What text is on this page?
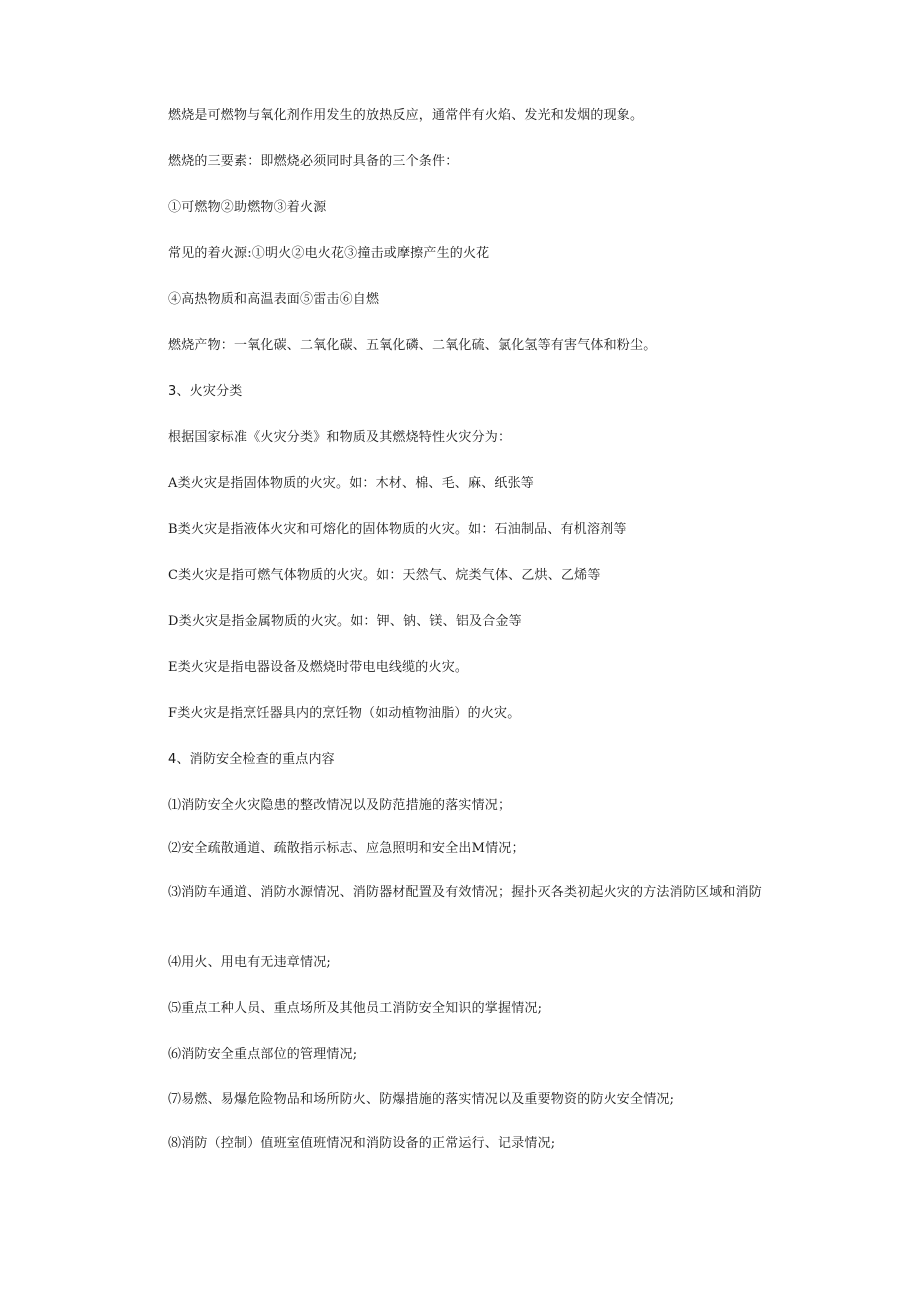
燃烧是可燃物与氧化剂作用发生的放热反应，通常伴有火焰、发光和发烟的现象。
燃烧的三要素：即燃烧必须同时具备的三个条件：
①可燃物②助燃物③着火源
常见的着火源:①明火②电火花③撞击或摩擦产生的火花
④高热物质和高温表面⑤雷击⑥自燃
燃烧产物：一氧化碳、二氧化碳、五氧化磷、二氧化硫、氯化氢等有害气体和粉尘。
3、火灾分类
根据国家标准《火灾分类》和物质及其燃烧特性火灾分为：
A类火灾是指固体物质的火灾。如：木材、棉、毛、麻、纸张等
B类火灾是指液体火灾和可熔化的固体物质的火灾。如：石油制品、有机溶剂等
C类火灾是指可燃气体物质的火灾。如：天然气、烷类气体、乙烘、乙烯等
D类火灾是指金属物质的火灾。如：钾、钠、镁、铝及合金等
E类火灾是指电器设备及燃烧时带电电线缆的火灾。
F类火灾是指烹饪器具内的烹饪物（如动植物油脂）的火灾。
4、消防安全检查的重点内容
⑴消防安全火灾隐患的整改情况以及防范措施的落实情况；
⑵安全疏散通道、疏散指示标志、应急照明和安全出M情况；
⑶消防车通道、消防水源情况、消防器材配置及有效情况；握扑灭各类初起火灾的方法消防区域和消防
⑷用火、用电有无违章情况;
⑸重点工种人员、重点场所及其他员工消防安全知识的掌握情况;
⑹消防安全重点部位的管理情况;
⑺易燃、易爆危险物品和场所防火、防爆措施的落实情况以及重要物资的防火安全情况;
⑻消防（控制）值班室值班情况和消防设备的正常运行、记录情况;
